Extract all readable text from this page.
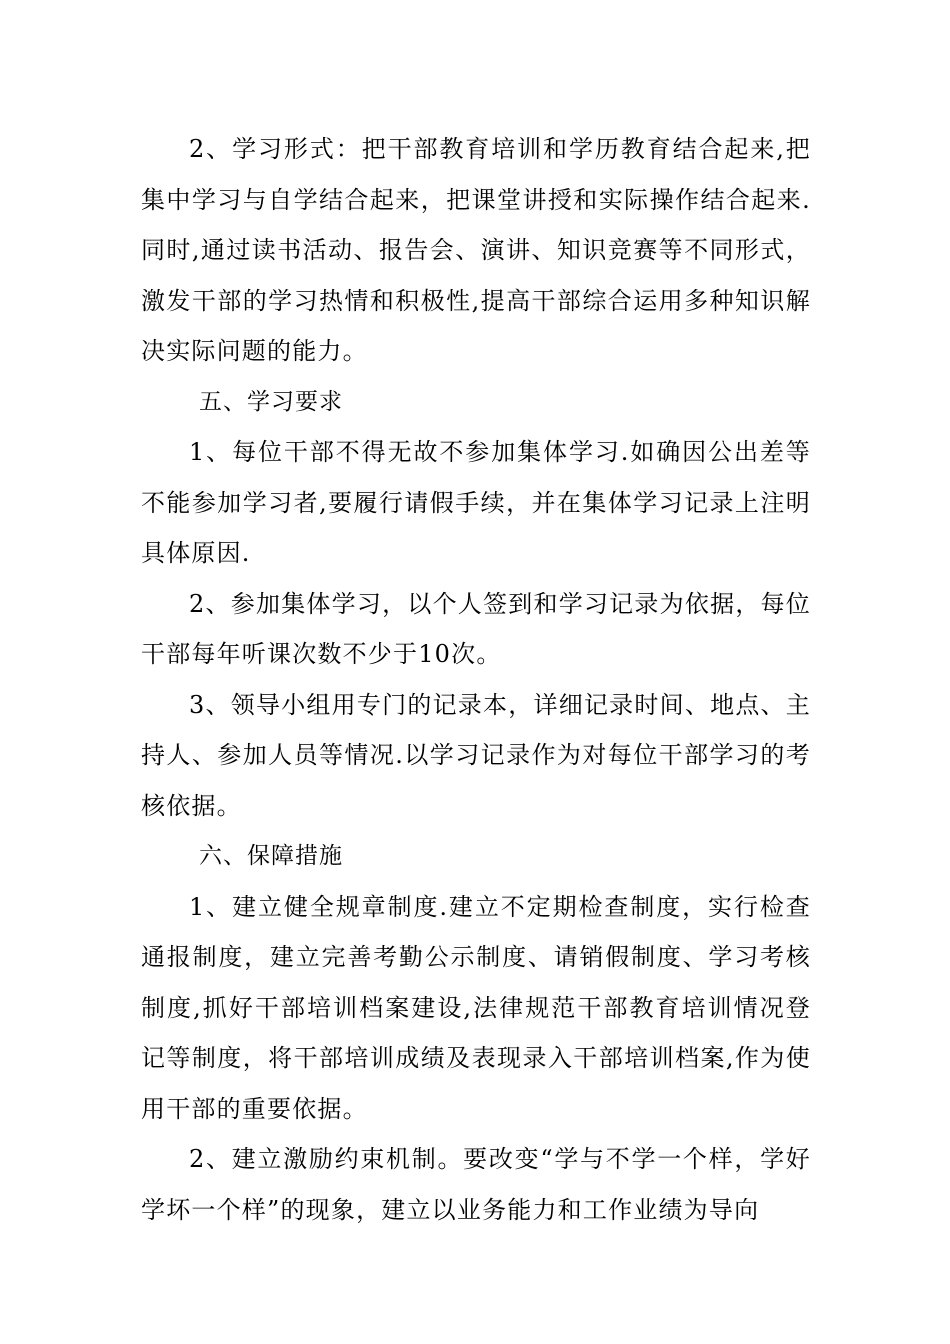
2、学习形式：把干部教育培训和学历教育结合起来,把集中学习与自学结合起来，把课堂讲授和实际操作结合起来.同时,通过读书活动、报告会、演讲、知识竞赛等不同形式，激发干部的学习热情和积极性,提高干部综合运用多种知识解决实际问题的能力。

五、学习要求

1、每位干部不得无故不参加集体学习.如确因公出差等不能参加学习者,要履行请假手续，并在集体学习记录上注明具体原因.

2、参加集体学习，以个人签到和学习记录为依据，每位干部每年听课次数不少于10次。

3、领导小组用专门的记录本，详细记录时间、地点、主持人、参加人员等情况.以学习记录作为对每位干部学习的考核依据。

六、保障措施

1、建立健全规章制度.建立不定期检查制度，实行检查通报制度，建立完善考勤公示制度、请销假制度、学习考核制度,抓好干部培训档案建设,法律规范干部教育培训情况登记等制度，将干部培训成绩及表现录入干部培训档案,作为使用干部的重要依据。

2、建立激励约束机制。要改变“学与不学一个样，学好学坏一个样”的现象，建立以业务能力和工作业绩为导向
